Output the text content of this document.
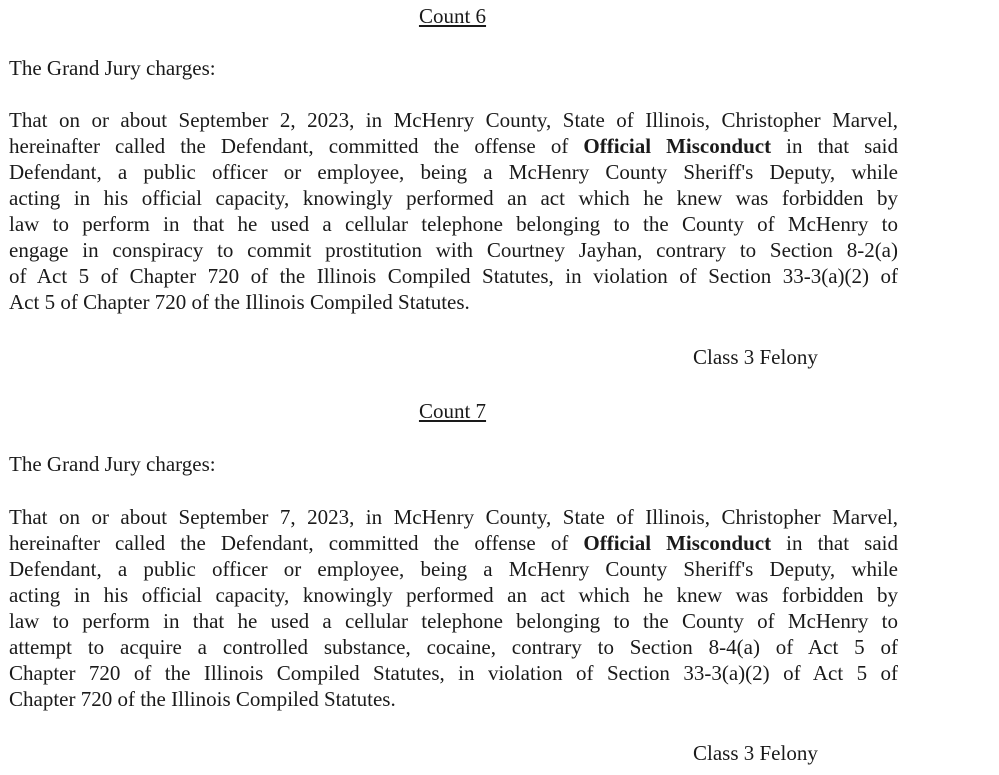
Count 6
The Grand Jury charges:
That on or about September 2, 2023, in McHenry County, State of Illinois, Christopher Marvel,
hereinafter called the Defendant, committed the offense of Official Misconduct in that said
Defendant, a public officer or employee, being a McHenry County Sheriff's Deputy, while
acting in his official capacity, knowingly performed an act which he knew was forbidden by
law to perform in that he used a cellular telephone belonging to the County of McHenry to
engage in conspiracy to commit prostitution with Courtney Jayhan, contrary to Section 8-2(a)
of Act 5 of Chapter 720 of the Illinois Compiled Statutes, in violation of Section 33-3(a)(2) of
Act 5 of Chapter 720 of the Illinois Compiled Statutes.
Class 3 Felony
Count 7
The Grand Jury charges:
That on or about September 7, 2023, in McHenry County, State of Illinois, Christopher Marvel,
hereinafter called the Defendant, committed the offense of Official Misconduct in that said
Defendant, a public officer or employee, being a McHenry County Sheriff's Deputy, while
acting in his official capacity, knowingly performed an act which he knew was forbidden by
law to perform in that he used a cellular telephone belonging to the County of McHenry to
attempt to acquire a controlled substance, cocaine, contrary to Section 8-4(a) of Act 5 of
Chapter 720 of the Illinois Compiled Statutes, in violation of Section 33-3(a)(2) of Act 5 of
Chapter 720 of the Illinois Compiled Statutes.
Class 3 Felony
